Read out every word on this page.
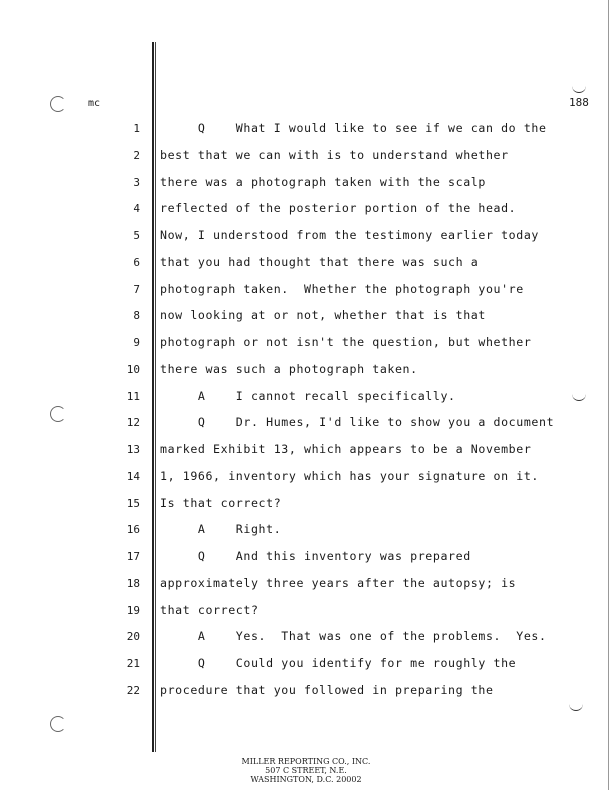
mc	188
1 Q    What I would like to see if we can do the
2 best that we can with is to understand whether
3 there was a photograph taken with the scalp
4 reflected of the posterior portion of the head.
5 Now, I understood from the testimony earlier today
6 that you had thought that there was such a
7 photograph taken.  Whether the photograph you're
8 now looking at or not, whether that is that
9 photograph or not isn't the question, but whether
10 there was such a photograph taken.
11 A    I cannot recall specifically.
12 Q    Dr. Humes, I'd like to show you a document
13 marked Exhibit 13, which appears to be a November
14 1, 1966, inventory which has your signature on it.
15 Is that correct?
16 A    Right.
17 Q    And this inventory was prepared
18 approximately three years after the autopsy; is
19 that correct?
20 A    Yes.  That was one of the problems.  Yes.
21 Q    Could you identify for me roughly the
22 procedure that you followed in preparing the
MILLER REPORTING CO., INC.
507 C STREET, N.E.
WASHINGTON, D.C. 20002
